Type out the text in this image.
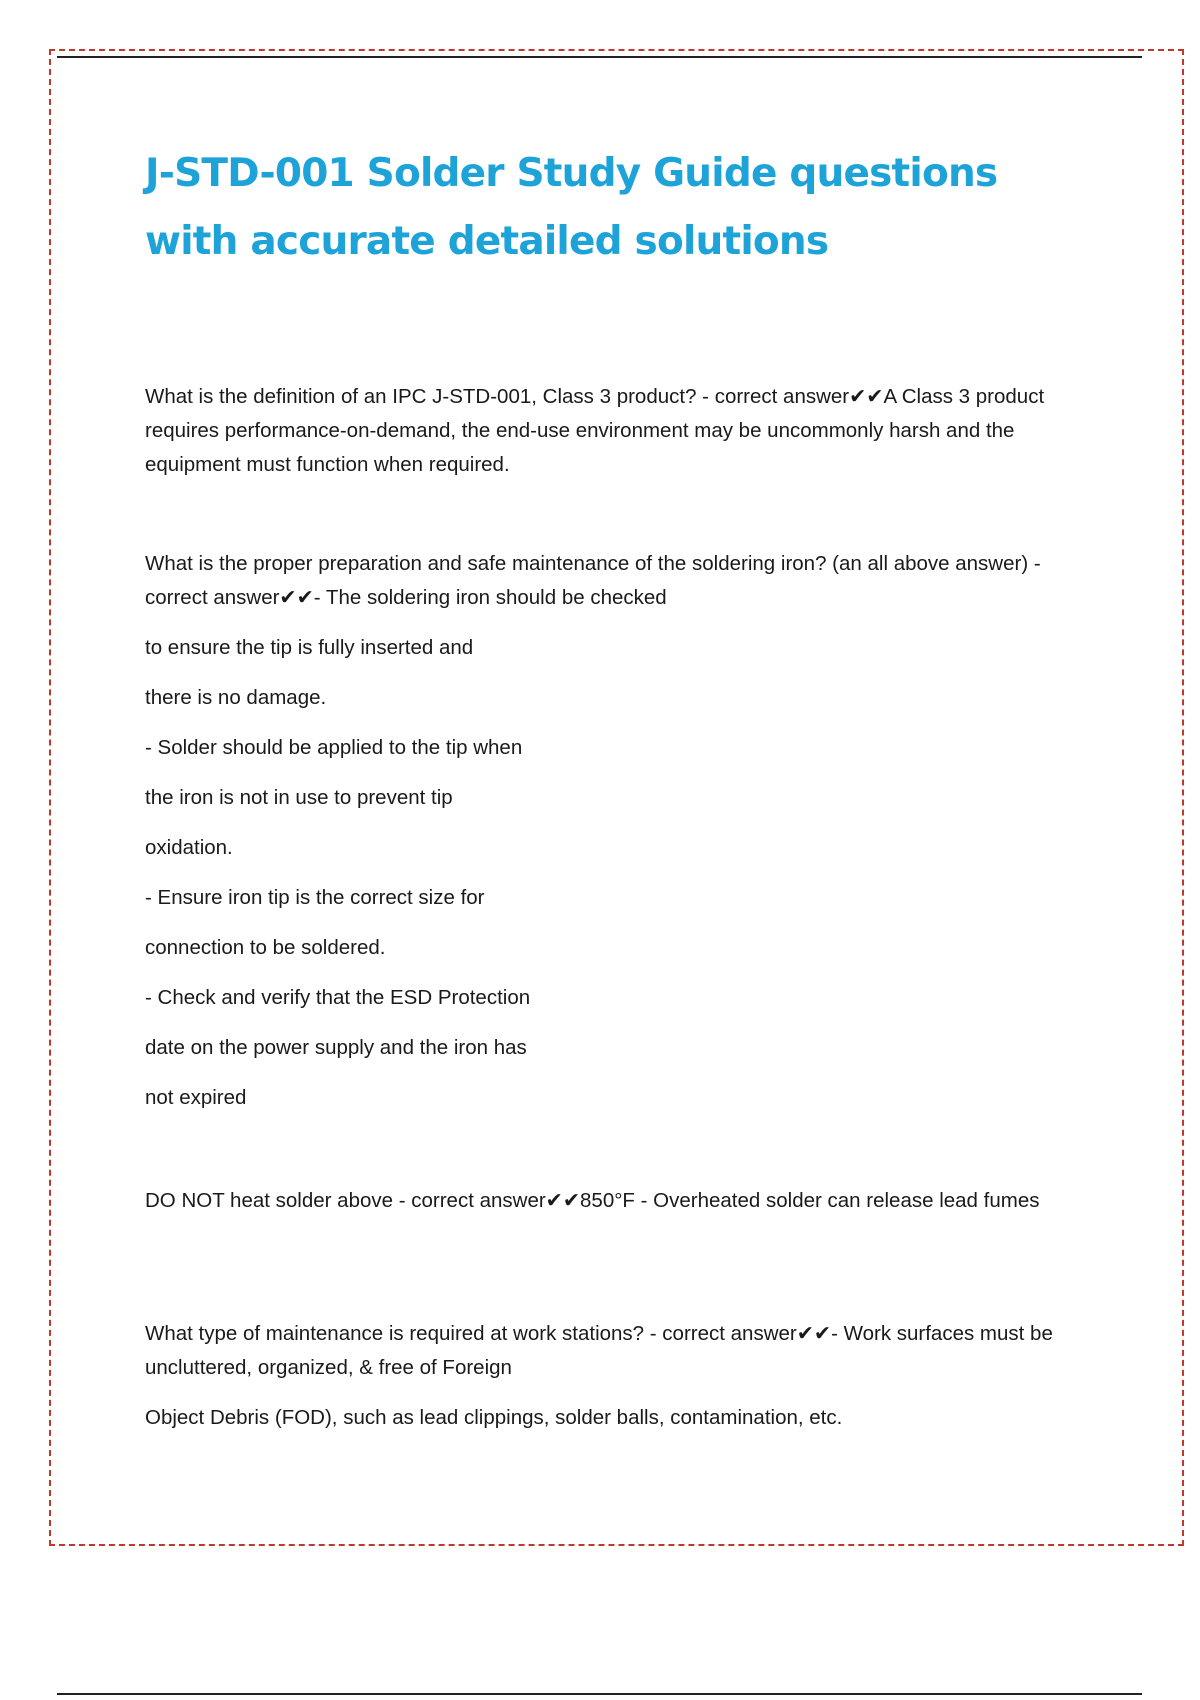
J-STD-001 Solder Study Guide questions with accurate detailed solutions

What is the definition of an IPC J-STD-001, Class 3 product? - correct answer✔✔A Class 3 product requires performance-on-demand, the end-use environment may be uncommonly harsh and the equipment must function when required.

What is the proper preparation and safe maintenance of the soldering iron? (an all above answer) - correct answer✔✔- The soldering iron should be checked

to ensure the tip is fully inserted and

there is no damage.

- Solder should be applied to the tip when

the iron is not in use to prevent tip

oxidation.

- Ensure iron tip is the correct size for

connection to be soldered.

- Check and verify that the ESD Protection

date on the power supply and the iron has

not expired

DO NOT heat solder above - correct answer✔✔850°F - Overheated solder can release lead fumes

What type of maintenance is required at work stations? - correct answer✔✔- Work surfaces must be uncluttered, organized, & free of Foreign

Object Debris (FOD), such as lead clippings, solder balls, contamination, etc.
